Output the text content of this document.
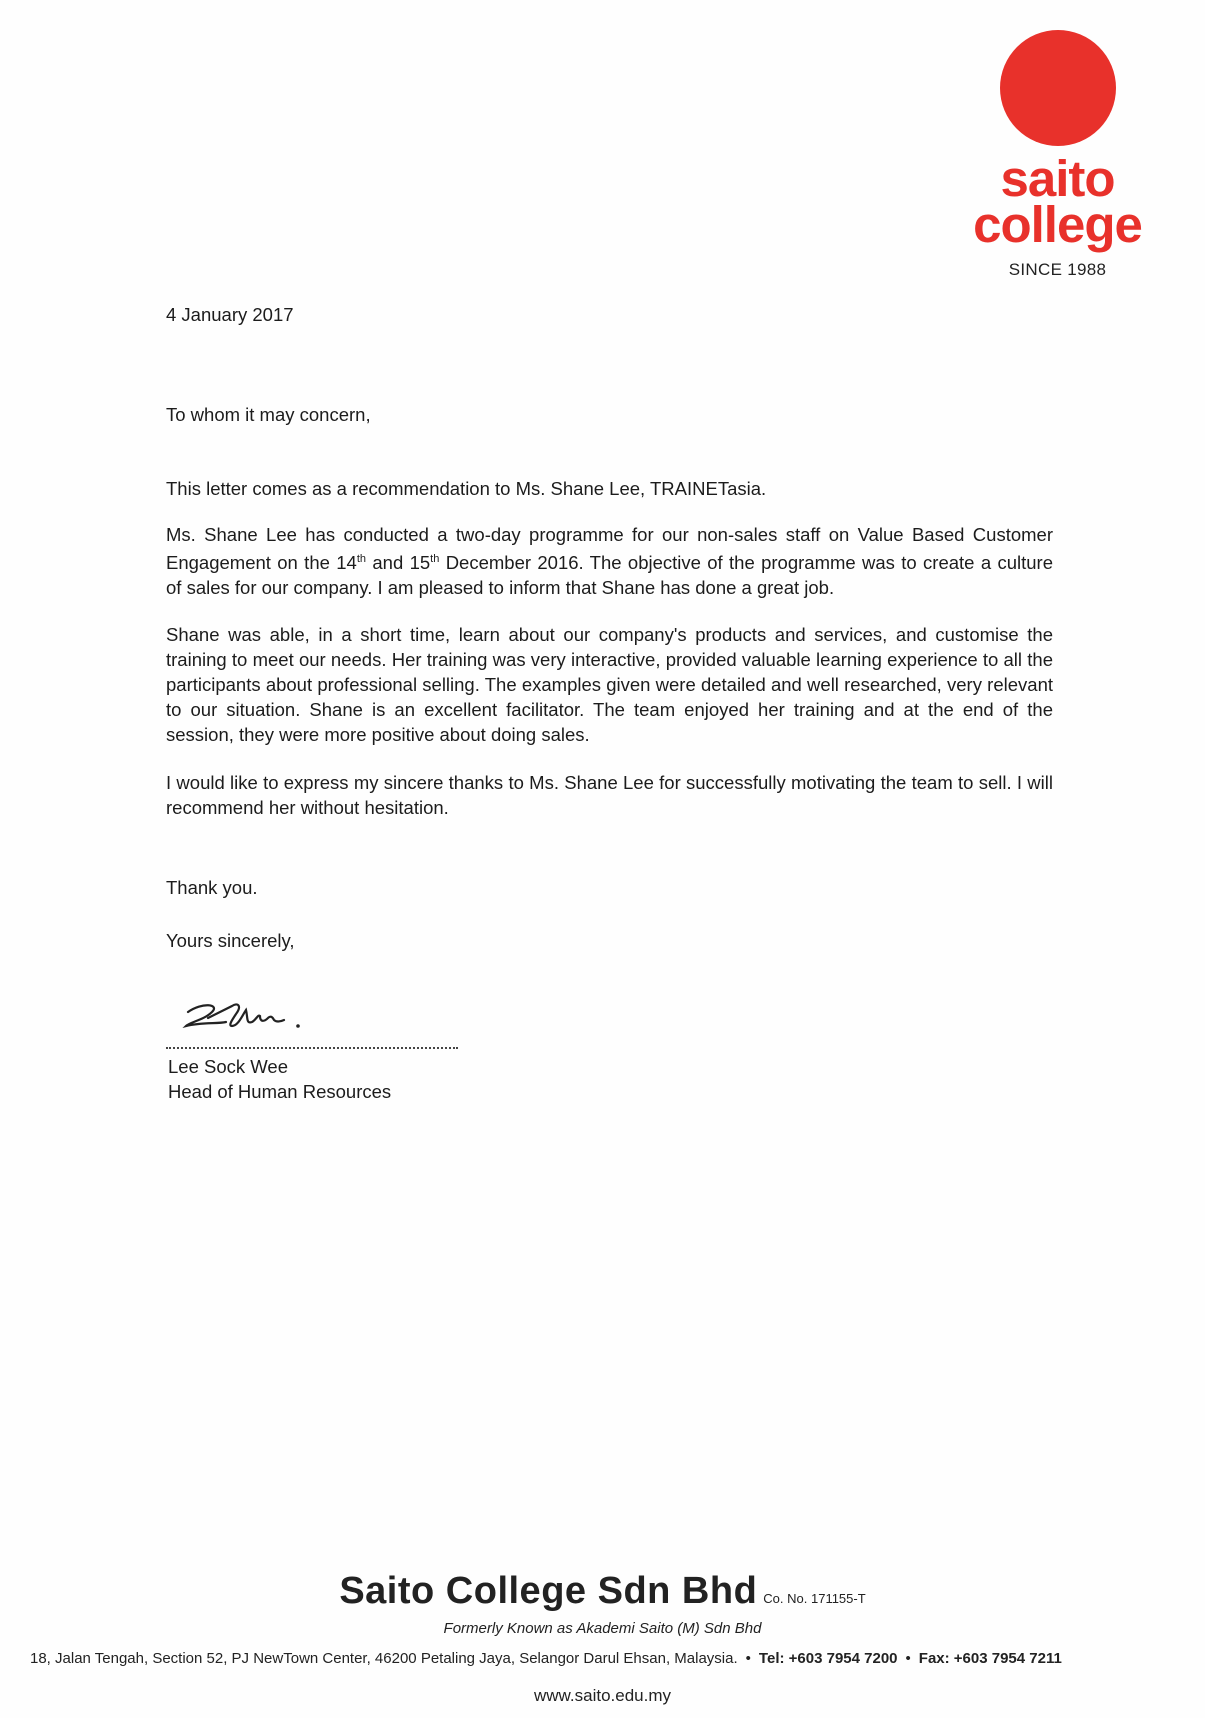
saito
college
SINCE 1988
4 January 2017
To whom it may concern,
This letter comes as a recommendation to Ms. Shane Lee, TRAINETasia.
Ms. Shane Lee has conducted a two-day programme for our non-sales staff on Value Based Customer Engagement on the 14th and 15th December 2016. The objective of the programme was to create a culture of sales for our company. I am pleased to inform that Shane has done a great job.
Shane was able, in a short time, learn about our company's products and services, and customise the training to meet our needs. Her training was very interactive, provided valuable learning experience to all the participants about professional selling. The examples given were detailed and well researched, very relevant to our situation. Shane is an excellent facilitator. The team enjoyed her training and at the end of the session, they were more positive about doing sales.
I would like to express my sincere thanks to Ms. Shane Lee for successfully motivating the team to sell. I will recommend her without hesitation.
Thank you.
Yours sincerely,
Lee Sock Wee
Head of Human Resources
Saito College Sdn Bhd Co. No. 171155-T
Formerly Known as Akademi Saito (M) Sdn Bhd
18, Jalan Tengah, Section 52, PJ NewTown Center, 46200 Petaling Jaya, Selangor Darul Ehsan, Malaysia. • Tel: +603 7954 7200 • Fax: +603 7954 7211
www.saito.edu.my
